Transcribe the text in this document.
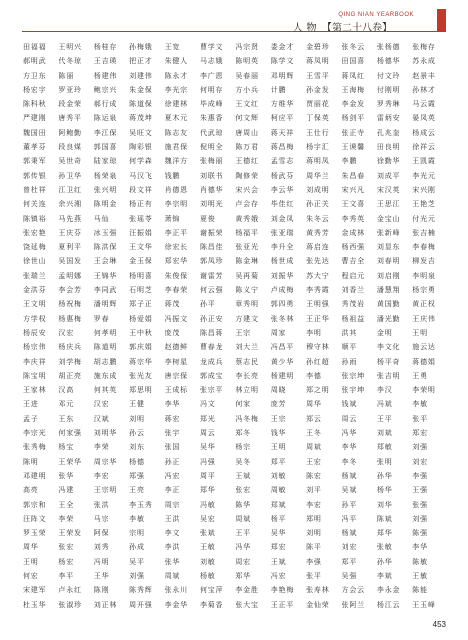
QING NIAN YEARBOOK
人 物 【第二十八卷】
田福福	王明兴	杨桂存	孙梅娥	王宽	曹学文	冯宗贤	娄金才	金碧珍	张冬云	张杨德	张梅存
郝明武	代冬琼	王吉瑛	把正才	朱健人	马志娥	陈明英	陈学文	蒋凤明	田国喜	杨德华	苏永成
方卫东	陈丽	杨建伟	刘建伟	陈永才	李广恩	吴春丽	邓明辉	王雪平	蒋凤红	付文玲	赵景丰
杨宏宇	罗亚玲	鲍宗兴	朱金保	李光宗	何明存	方小兵	计鹏	孙金发	王海梅	付刚明	孙林才
陈科秋	段金荣	郝行成	陈道保	徐建林	毕成峰	王文红	方维华	贾丽花	李金发	罗秀琳	马云霞
严建刚	唐秀平	陈运泉	蒋茂坤	夏木元	朱惠香	何文辉	柯应平	丁保英	杨剑平	雷炳安	晏凤英
魏国田	阿鲍勤	李江保	吴旺文	陈志友	代武琼	唐周山	蒋天祥	王仕行	张正寺	孔兆奎	杨成云
董孝芬	段良煤	郭国喜	陶彩银	施君保	倪明全	陈万君	蒋昌梅	杨宇汇	王谟馨	田良明	徐祥云
郭秉军	吴世奇	陆家琼	何学森	魏洋方	张梅丽	王德红	孟雪志	蒋明凤	李鹏	徐勤华	王凯霞
郭传银	孙卫华	杨荣泉	马汉飞	钱鹏	刘联书	陶修荣	杨武芬	周华兰	朱昌春	刘成平	李光元
曾杜祥	江卫红	张兴明	段文祥	肖德恩	肖德华	宋兴会	李云华	刘成明	宋兴凡	宋汉英	宋兴刚
何关连	余兴湘	陈明金	杨正有	李宗明	刘明光	卢会存	毕佳红	孙正关	王文喜	王思江	王艳芝
陈镇裕	马先燕	马仙	张瑶苓	萧锦	夏俊	黄秀娥	刘金凤	朱冬云	李秀英	金宝山	付光元
张宏艳	王庆芬	冰玉强	汪振娟	李正平	谢振荣	杨福平	张亚瑞	黄秀芳	金成林	张新峰	张吉楠
饶延梅	夏利平	陈洪保	王文华	徐宏长	陈昌佳	张亚光	李升全	蒋启连	杨西强	刘显东	李春梅
徐世山	吴国发	王会琳	金玉保	郑宏华	郭凤珍	陈金琳	杨世成	张先达	曹吉全	刘春明	柳发吉
张瑞兰	孟明娜	王锦华	杨明喜	朱俊保	谢雷芳	吴再菊	刘振华	苏大宁	程启元	刘启刚	李明泉
金洪芬	李会芳	李同武	石明芝	李春荣	何云强	陈义宁	卢成梅	李秀霞	刘香兰	潘慧翔	杨宗勇
王文明	杨祝梅	潘明辉	郑子正	蒋茂	孙平	章秀明	郭四勇	王明强	秀茂岩	黄国勤	黄正权
方学权	杨惠梅	罗春	杨爱娟	冯振文	孙正安	方建文	张冬林	王正华	杨祖益	潘光勤	王庆伟
杨辰安	汉宏	何孝明	王中秋	庞茂	陈昌蒋	王宗	周家	李明	洪其	金明	王明
杨宗伟	杨庆兵	陈道明	郭庆娟	赵德鲜	曹春龙	刘大兰	冯昌平	穆守林	顺平	李文化	施云达
李庆祥	刘学梅	胡志鹏	蒋宗华	李树星	龙成兵	蔡志民	黄少华	孙红超	孙雨	杨平奇	蒋德娟
陈宝明	胡正亮	施东成	张光友	唐宗保	郭成宝	李长亮	杨建明	李德	张宗坤	张吉明	王勇
王家林	汉高	何其英	郑思明	王成标	张宗平	林立明	周晓	郑之明	张宇坤	李汉	李荣明
王进	邓元	汉宏	王健	李华	冯文	何家	庞芳	周华	钱斌	冯斌	李敏
孟子	王东	汉斌	刘明	蒋宏	郑光	冯冬梅	王宗	郑云	周云	王平	张平
李宗光	何家强	刘明华	孙云	张宇	周云	郑冬	钱华	王冬	冯华	刘斌	郑宏
张秀梅	杨宝	李荣	刘东	张国	吴华	杨宗	王明	周斌	李华	郑敏	刘强
陈明	王荣华	周宗华	杨德	孙正	冯强	吴冬	郑平	王宏	李冬	张明	刘宏
邓建明	张华	李宏	郑强	冯宏	周平	王斌	刘敏	陈宏	杨斌	孙华	李强
高亮	冯建	王宗明	王亮	李正	郑华	张宏	周敏	刘平	吴斌	杨华	王强
郭宗和	王全	张洪	李玉秀	周宗	冯敏	陈华	郑斌	李宏	孙平	刘华	张强
汪阵文	李荣	马宗	李敏	王洪	吴宏	周斌	杨平	郑明	冯平	陈斌	刘强
罗玉荣	王荣发	阿保	宗明	李文	张斌	王平	吴华	刘明	杨斌	郑华	陈强
周华	张宏	刘秀	孙成	李洪	王敏	冯华	郑宏	陈平	刘宏	张敏	李华
王明	杨宏	冯明	吴平	张华	刘敏	周宏	王斌	李强	郑平	孙华	陈敏
何宏	李平	王华	刘强	周斌	杨敏	郑华	冯宏	张平	吴强	李斌	王敏
宋建军	卢永红	陈刚	陈秀辉	张永川	何宝萍	李金胜	李艳梅	张寿林	方会云	李永金	陈能
杜玉华	张淑珍	刘正林	周开强	李金华	李菊香	张大宝	王正平	金仙荣	张阿兰	杨江云	王玉峰
453
